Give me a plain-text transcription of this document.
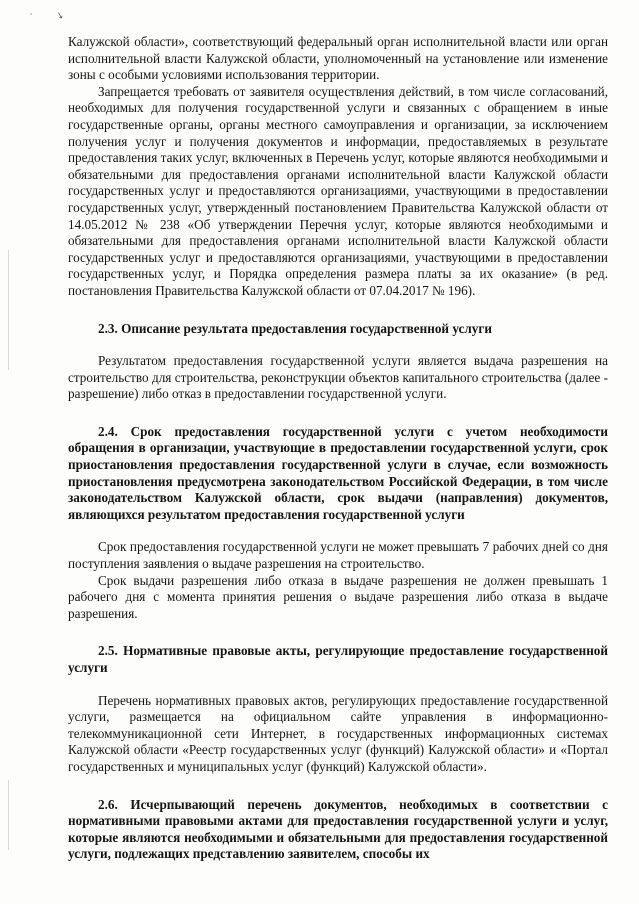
· ↘

Калужской области», соответствующий федеральный орган исполнительной власти или орган исполнительной власти Калужской области, уполномоченный на установление или изменение зоны с особыми условиями использования территории.

Запрещается требовать от заявителя осуществления действий, в том числе согласований, необходимых для получения государственной услуги и связанных с обращением в иные государственные органы, органы местного самоуправления и организации, за исключением получения услуг и получения документов и информации, предоставляемых в результате предоставления таких услуг, включенных в Перечень услуг, которые являются необходимыми и обязательными для предоставления органами исполнительной власти Калужской области государственных услуг и предоставляются организациями, участвующими в предоставлении государственных услуг, утвержденный постановлением Правительства Калужской области от 14.05.2012 № 238 «Об утверждении Перечня услуг, которые являются необходимыми и обязательными для предоставления органами исполнительной власти Калужской области государственных услуг и предоставляются организациями, участвующими в предоставлении государственных услуг, и Порядка определения размера платы за их оказание» (в ред. постановления Правительства Калужской области от 07.04.2017 № 196).

2.3. Описание результата предоставления государственной услуги

Результатом предоставления государственной услуги является выдача разрешения на строительство для строительства, реконструкции объектов капитального строительства (далее - разрешение) либо отказ в предоставлении государственной услуги.

2.4. Срок предоставления государственной услуги с учетом необходимости обращения в организации, участвующие в предоставлении государственной услуги, срок приостановления предоставления государственной услуги в случае, если возможность приостановления предусмотрена законодательством Российской Федерации, в том числе законодательством Калужской области, срок выдачи (направления) документов, являющихся результатом предоставления государственной услуги

Срок предоставления государственной услуги не может превышать 7 рабочих дней со дня поступления заявления о выдаче разрешения на строительство.

Срок выдачи разрешения либо отказа в выдаче разрешения не должен превышать 1 рабочего дня с момента принятия решения о выдаче разрешения либо отказа в выдаче разрешения.

2.5. Нормативные правовые акты, регулирующие предоставление государственной услуги

Перечень нормативных правовых актов, регулирующих предоставление государственной услуги, размещается на официальном сайте управления в информационно-телекоммуникационной сети Интернет, в государственных информационных системах Калужской области «Реестр государственных услуг (функций) Калужской области» и «Портал государственных и муниципальных услуг (функций) Калужской области».

2.6. Исчерпывающий перечень документов, необходимых в соответствии с нормативными правовыми актами для предоставления государственной услуги и услуг, которые являются необходимыми и обязательными для предоставления государственной услуги, подлежащих представлению заявителем, способы их
